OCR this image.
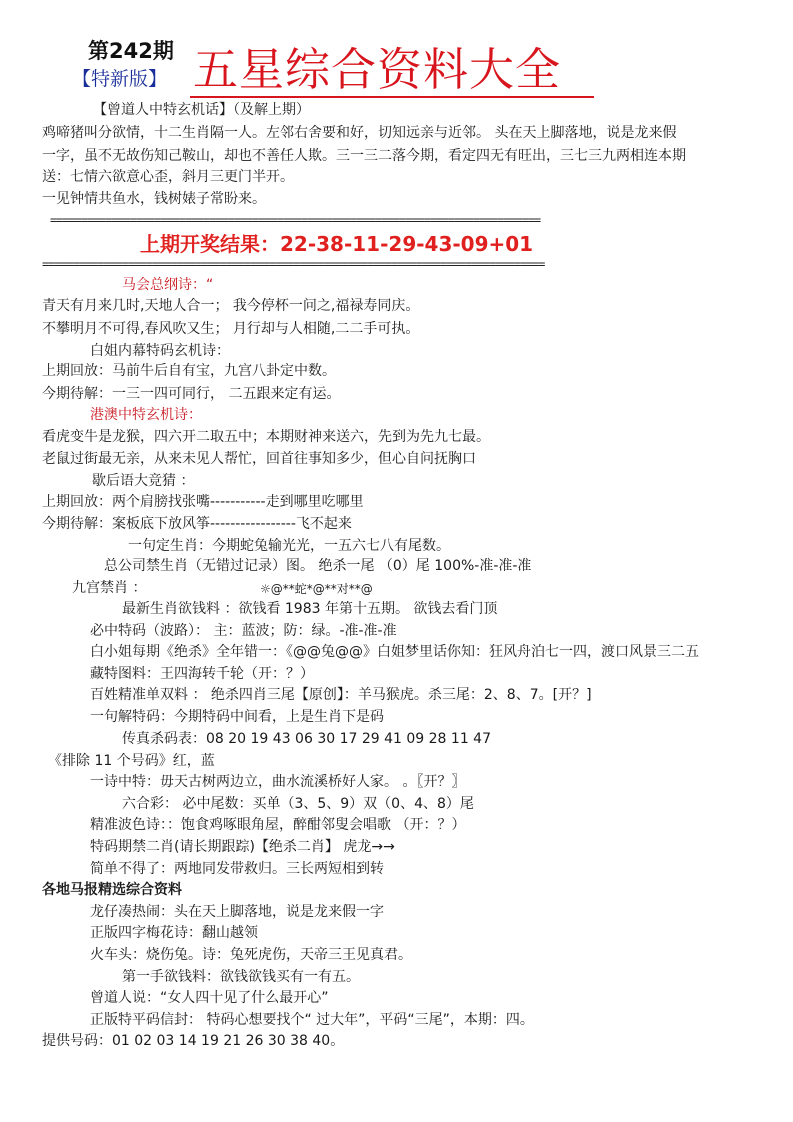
第242期
【特新版】 五星综合资料大全
【曾道人中特玄机话】（及解上期）
鸡啼猪叫分欲情，十二生肖隔一人。左邻右舍要和好，切知远亲与近邻。 头在天上脚落地，说是龙来假
一字，虽不无故伤知己鞍山，却也不善任人欺。三一三二落今期，看定四无有旺出，三七三九两相连本期
送：七情六欲意心歪，斜月三更门半开。
一见钟情共鱼水，钱树婊子常盼来。
================================================================================
上期开奖结果：22-38-11-29-43-09+01
==================================================================================
马会总纲诗：“
青天有月来几时,天地人合一； 我今停杯一问之,福禄寿同庆。
不攀明月不可得,春风吹又生； 月行却与人相随,二二手可执。
白姐内幕特码玄机诗：
上期回放：马前牛后自有宝，九宫八卦定中数。
今期待解：一三一四可同行， 二五跟来定有运。
港澳中特玄机诗：
看虎变牛是龙猴，四六开二取五中；本期财神来送六，先到为先九七最。
老鼠过街最无亲，从来未见人帮忙，回首往事知多少，但心自问抚胸口
歇后语大竞猜 ：
上期回放：两个肩膀找张嘴-----------走到哪里吃哪里
今期待解：案板底下放风筝-----------------飞不起来
一句定生肖：今期蛇兔输光光，一五六七八有尾数。
总公司禁生肖（无错过记录）图。 绝杀一尾 （0）尾 100%-准-准-准
九宫禁肖 ：	☼@**蛇*@**对**@
最新生肖欲钱料 ：欲钱看 1983 年第十五期。 欲钱去看门顶
必中特码（波路）： 主：蓝波；防：绿。-准-准-准
白小姐每期《绝杀》全年错一：《@@兔@@》白姐梦里话你知：狂风舟泊七一四，渡口风景三二五
藏特图料：王四海转千轮（开：？）
百姓精准单双料 ： 绝杀四肖三尾【原创】：羊马猴虎。杀三尾：2、8、7。[开？]
一句解特码：今期特码中间看，上是生肖下是码
传真杀码表：08 20 19 43 06 30 17 29 41 09 28 11 47
《排除 11 个号码》红，蓝
一诗中特：毋天古树两边立，曲水流溪桥好人家。 。〖开？〗
六合彩： 必中尾数：买单（3、5、9）双（0、4、8）尾
精准波色诗：：饱食鸡啄眼角屋，醉酣邻叟会唱歌 （开：？）
特码期禁二肖(请长期跟踪)【绝杀二肖】 虎龙→→
简单不得了：两地同发带救归。三长两短相到转
各地马报精选综合资料
龙仔凑热闹：头在天上脚落地，说是龙来假一字
正版四字梅花诗：翻山越领
火车头：烧伤兔。诗：兔死虎伤，天帝三王见真君。
第一手欲钱料：欲钱欲钱买有一有五。
曾道人说：“女人四十见了什么最开心”
正版特平码信封： 特码心想要找个“ 过大年”，平码“三尾”，本期：四。
提供号码：01 02 03 14 19 21 26 30 38 40。
